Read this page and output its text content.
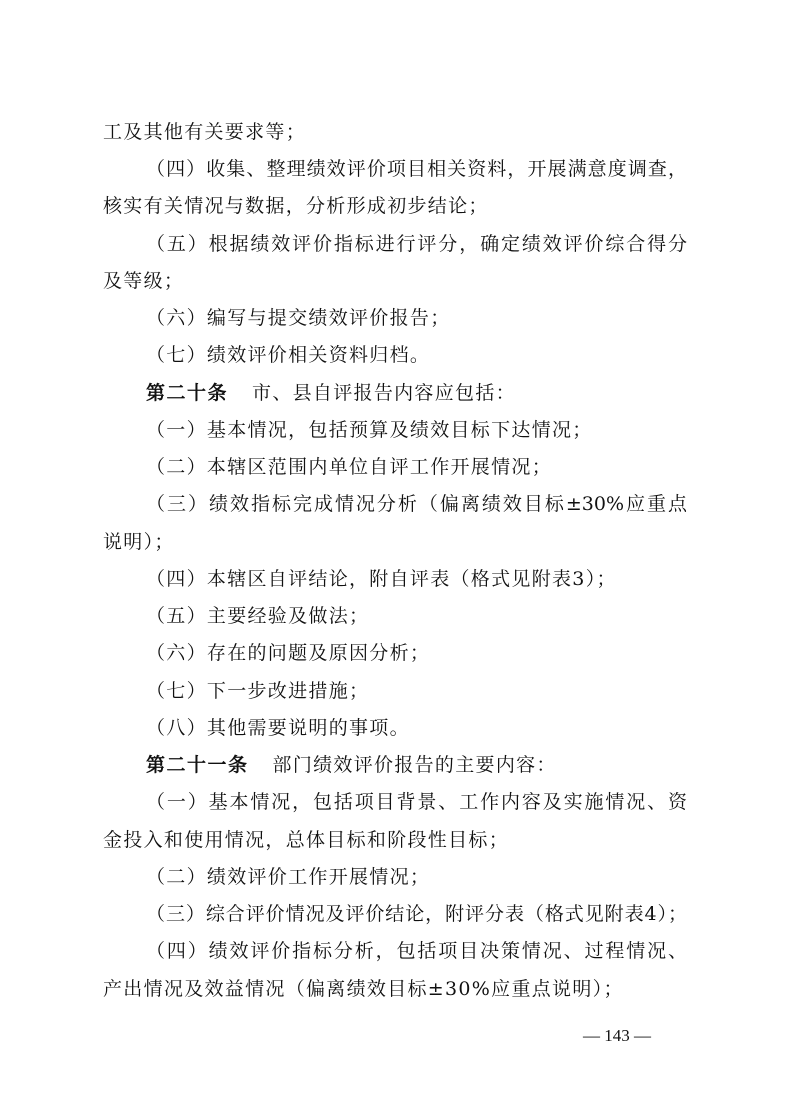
工及其他有关要求等；
（四）收集、整理绩效评价项目相关资料，开展满意度调查，
核实有关情况与数据，分析形成初步结论；
（五）根据绩效评价指标进行评分，确定绩效评价综合得分
及等级；
（六）编写与提交绩效评价报告；
（七）绩效评价相关资料归档。
第二十条 市、县自评报告内容应包括：
（一）基本情况，包括预算及绩效目标下达情况；
（二）本辖区范围内单位自评工作开展情况；
（三）绩效指标完成情况分析（偏离绩效目标±30%应重点
说明）；
（四）本辖区自评结论，附自评表（格式见附表3）；
（五）主要经验及做法；
（六）存在的问题及原因分析；
（七）下一步改进措施；
（八）其他需要说明的事项。
第二十一条 部门绩效评价报告的主要内容：
（一）基本情况，包括项目背景、工作内容及实施情况、资
金投入和使用情况，总体目标和阶段性目标；
（二）绩效评价工作开展情况；
（三）综合评价情况及评价结论，附评分表（格式见附表4）；
（四）绩效评价指标分析，包括项目决策情况、过程情况、
产出情况及效益情况（偏离绩效目标±30%应重点说明）；
— 143 —
